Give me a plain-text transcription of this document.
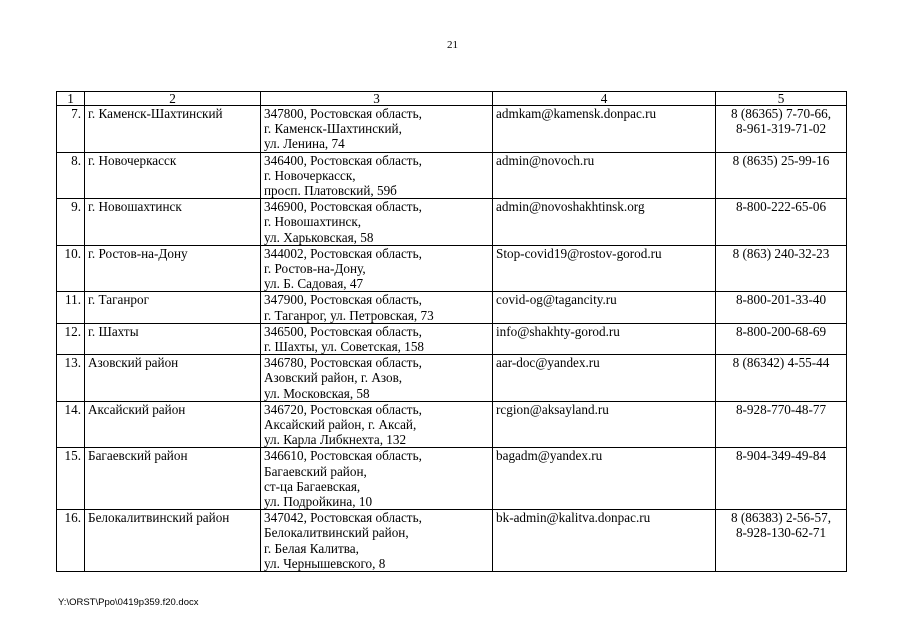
21
1	2	3	4	5
7.	г. Каменск-Шахтинский	347800, Ростовская область,
г. Каменск-Шахтинский,
ул. Ленина, 74	admkam@kamensk.donpac.ru	8 (86365) 7-70-66,
8-961-319-71-02

8.	г. Новочеркасск	346400, Ростовская область,
г. Новочеркасск,
просп. Платовский, 59б	admin@novoch.ru	8 (8635) 25-99-16

9.	г. Новошахтинск	346900, Ростовская область,
г. Новошахтинск,
ул. Харьковская, 58	admin@novoshakhtinsk.org	8-800-222-65-06

10.	г. Ростов-на-Дону	344002, Ростовская область,
г. Ростов-на-Дону,
ул. Б. Садовая, 47	Stop-covid19@rostov-gorod.ru	8 (863) 240-32-23

11.	г. Таганрог	347900, Ростовская область,
г. Таганрог, ул. Петровская, 73	covid-og@tagancity.ru	8-800-201-33-40

12.	г. Шахты	346500, Ростовская область,
г. Шахты, ул. Советская, 158	info@shakhty-gorod.ru	8-800-200-68-69

13.	Азовский район	346780, Ростовская область,
Азовский район, г. Азов,
ул. Московская, 58	aar-doc@yandex.ru	8 (86342) 4-55-44

14.	Аксайский район	346720, Ростовская область,
Аксайский район, г. Аксай,
ул. Карла Либкнехта, 132	rcgion@aksayland.ru	8-928-770-48-77

15.	Багаевский район	346610, Ростовская область,
Багаевский район,
ст-ца Багаевская,
ул. Подройкина, 10	bagadm@yandex.ru	8-904-349-49-84

16.	Белокалитвинский район	347042, Ростовская область,
Белокалитвинский район,
г. Белая Калитва,
ул. Чернышевского, 8	bk-admin@kalitva.donpac.ru	8 (86383) 2-56-57,
8-928-130-62-71
Y:\ORST\Ppo\0419p359.f20.docx
